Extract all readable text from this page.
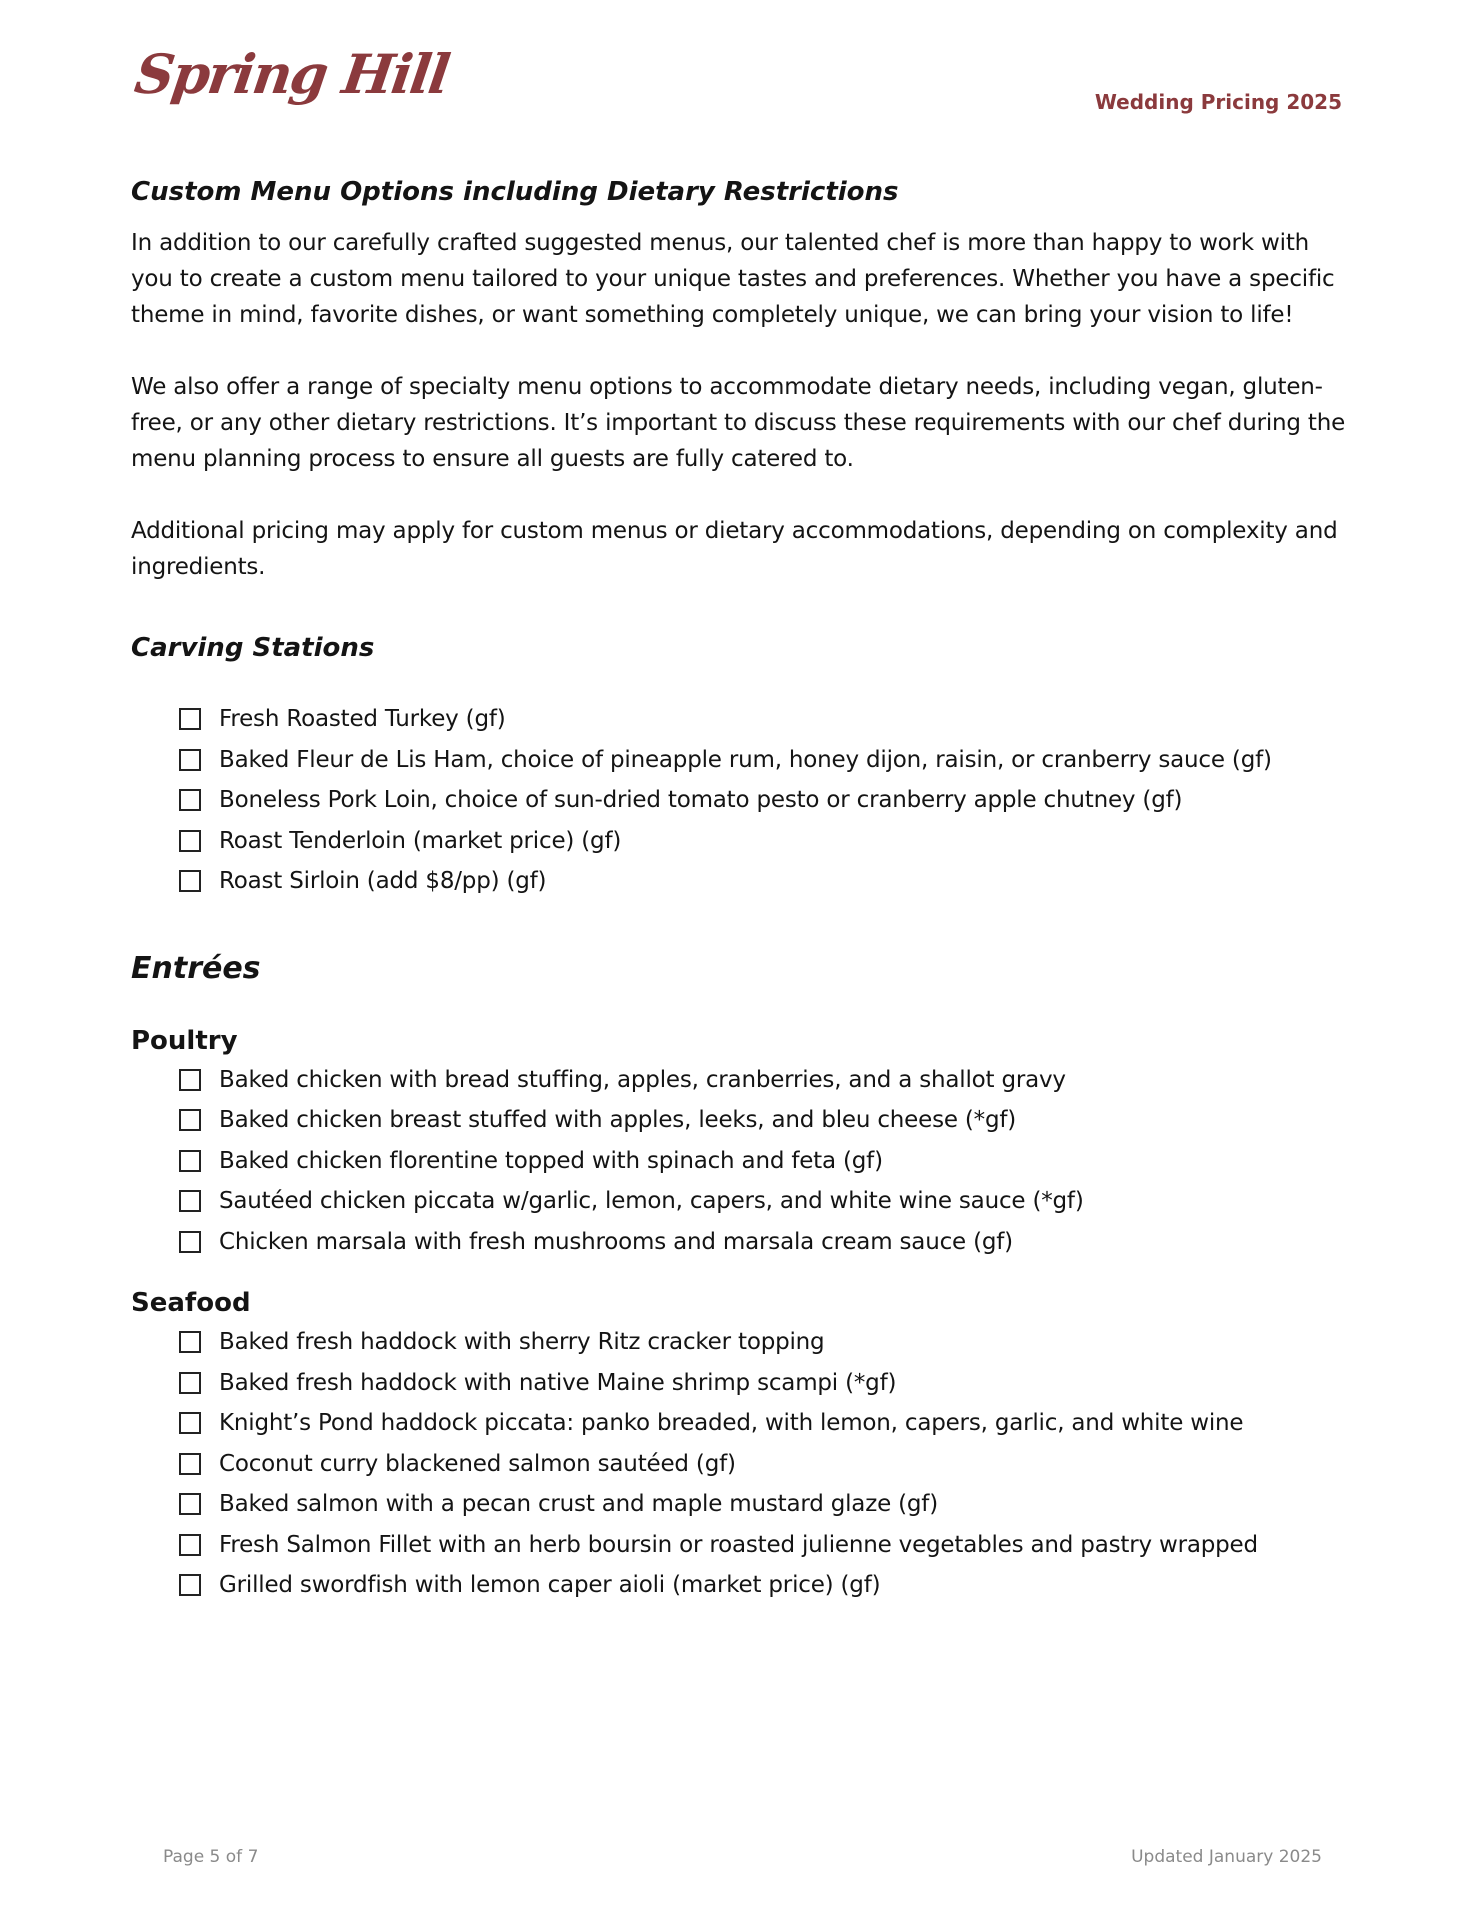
Spring Hill	Wedding Pricing 2025
Custom Menu Options including Dietary Restrictions

In addition to our carefully crafted suggested menus, our talented chef is more than happy to work with you to create a custom menu tailored to your unique tastes and preferences. Whether you have a specific theme in mind, favorite dishes, or want something completely unique, we can bring your vision to life!

We also offer a range of specialty menu options to accommodate dietary needs, including vegan, gluten-free, or any other dietary restrictions. It’s important to discuss these requirements with our chef during the menu planning process to ensure all guests are fully catered to.

Additional pricing may apply for custom menus or dietary accommodations, depending on complexity and ingredients.

Carving Stations
Fresh Roasted Turkey (gf)
Baked Fleur de Lis Ham, choice of pineapple rum, honey dijon, raisin, or cranberry sauce (gf)
Boneless Pork Loin, choice of sun-dried tomato pesto or cranberry apple chutney (gf)
Roast Tenderloin (market price) (gf)
Roast Sirloin (add $8/pp) (gf)
Entrées
Poultry
Baked chicken with bread stuffing, apples, cranberries, and a shallot gravy
Baked chicken breast stuffed with apples, leeks, and bleu cheese (*gf)
Baked chicken florentine topped with spinach and feta (gf)
Sautéed chicken piccata w/garlic, lemon, capers, and white wine sauce (*gf)
Chicken marsala with fresh mushrooms and marsala cream sauce (gf)
Seafood
Baked fresh haddock with sherry Ritz cracker topping
Baked fresh haddock with native Maine shrimp scampi (*gf)
Knight’s Pond haddock piccata: panko breaded, with lemon, capers, garlic, and white wine
Coconut curry blackened salmon sautéed (gf)
Baked salmon with a pecan crust and maple mustard glaze (gf)
Fresh Salmon Fillet with an herb boursin or roasted julienne vegetables and pastry wrapped
Grilled swordfish with lemon caper aioli (market price) (gf)
Page 5 of 7	Updated January 2025
